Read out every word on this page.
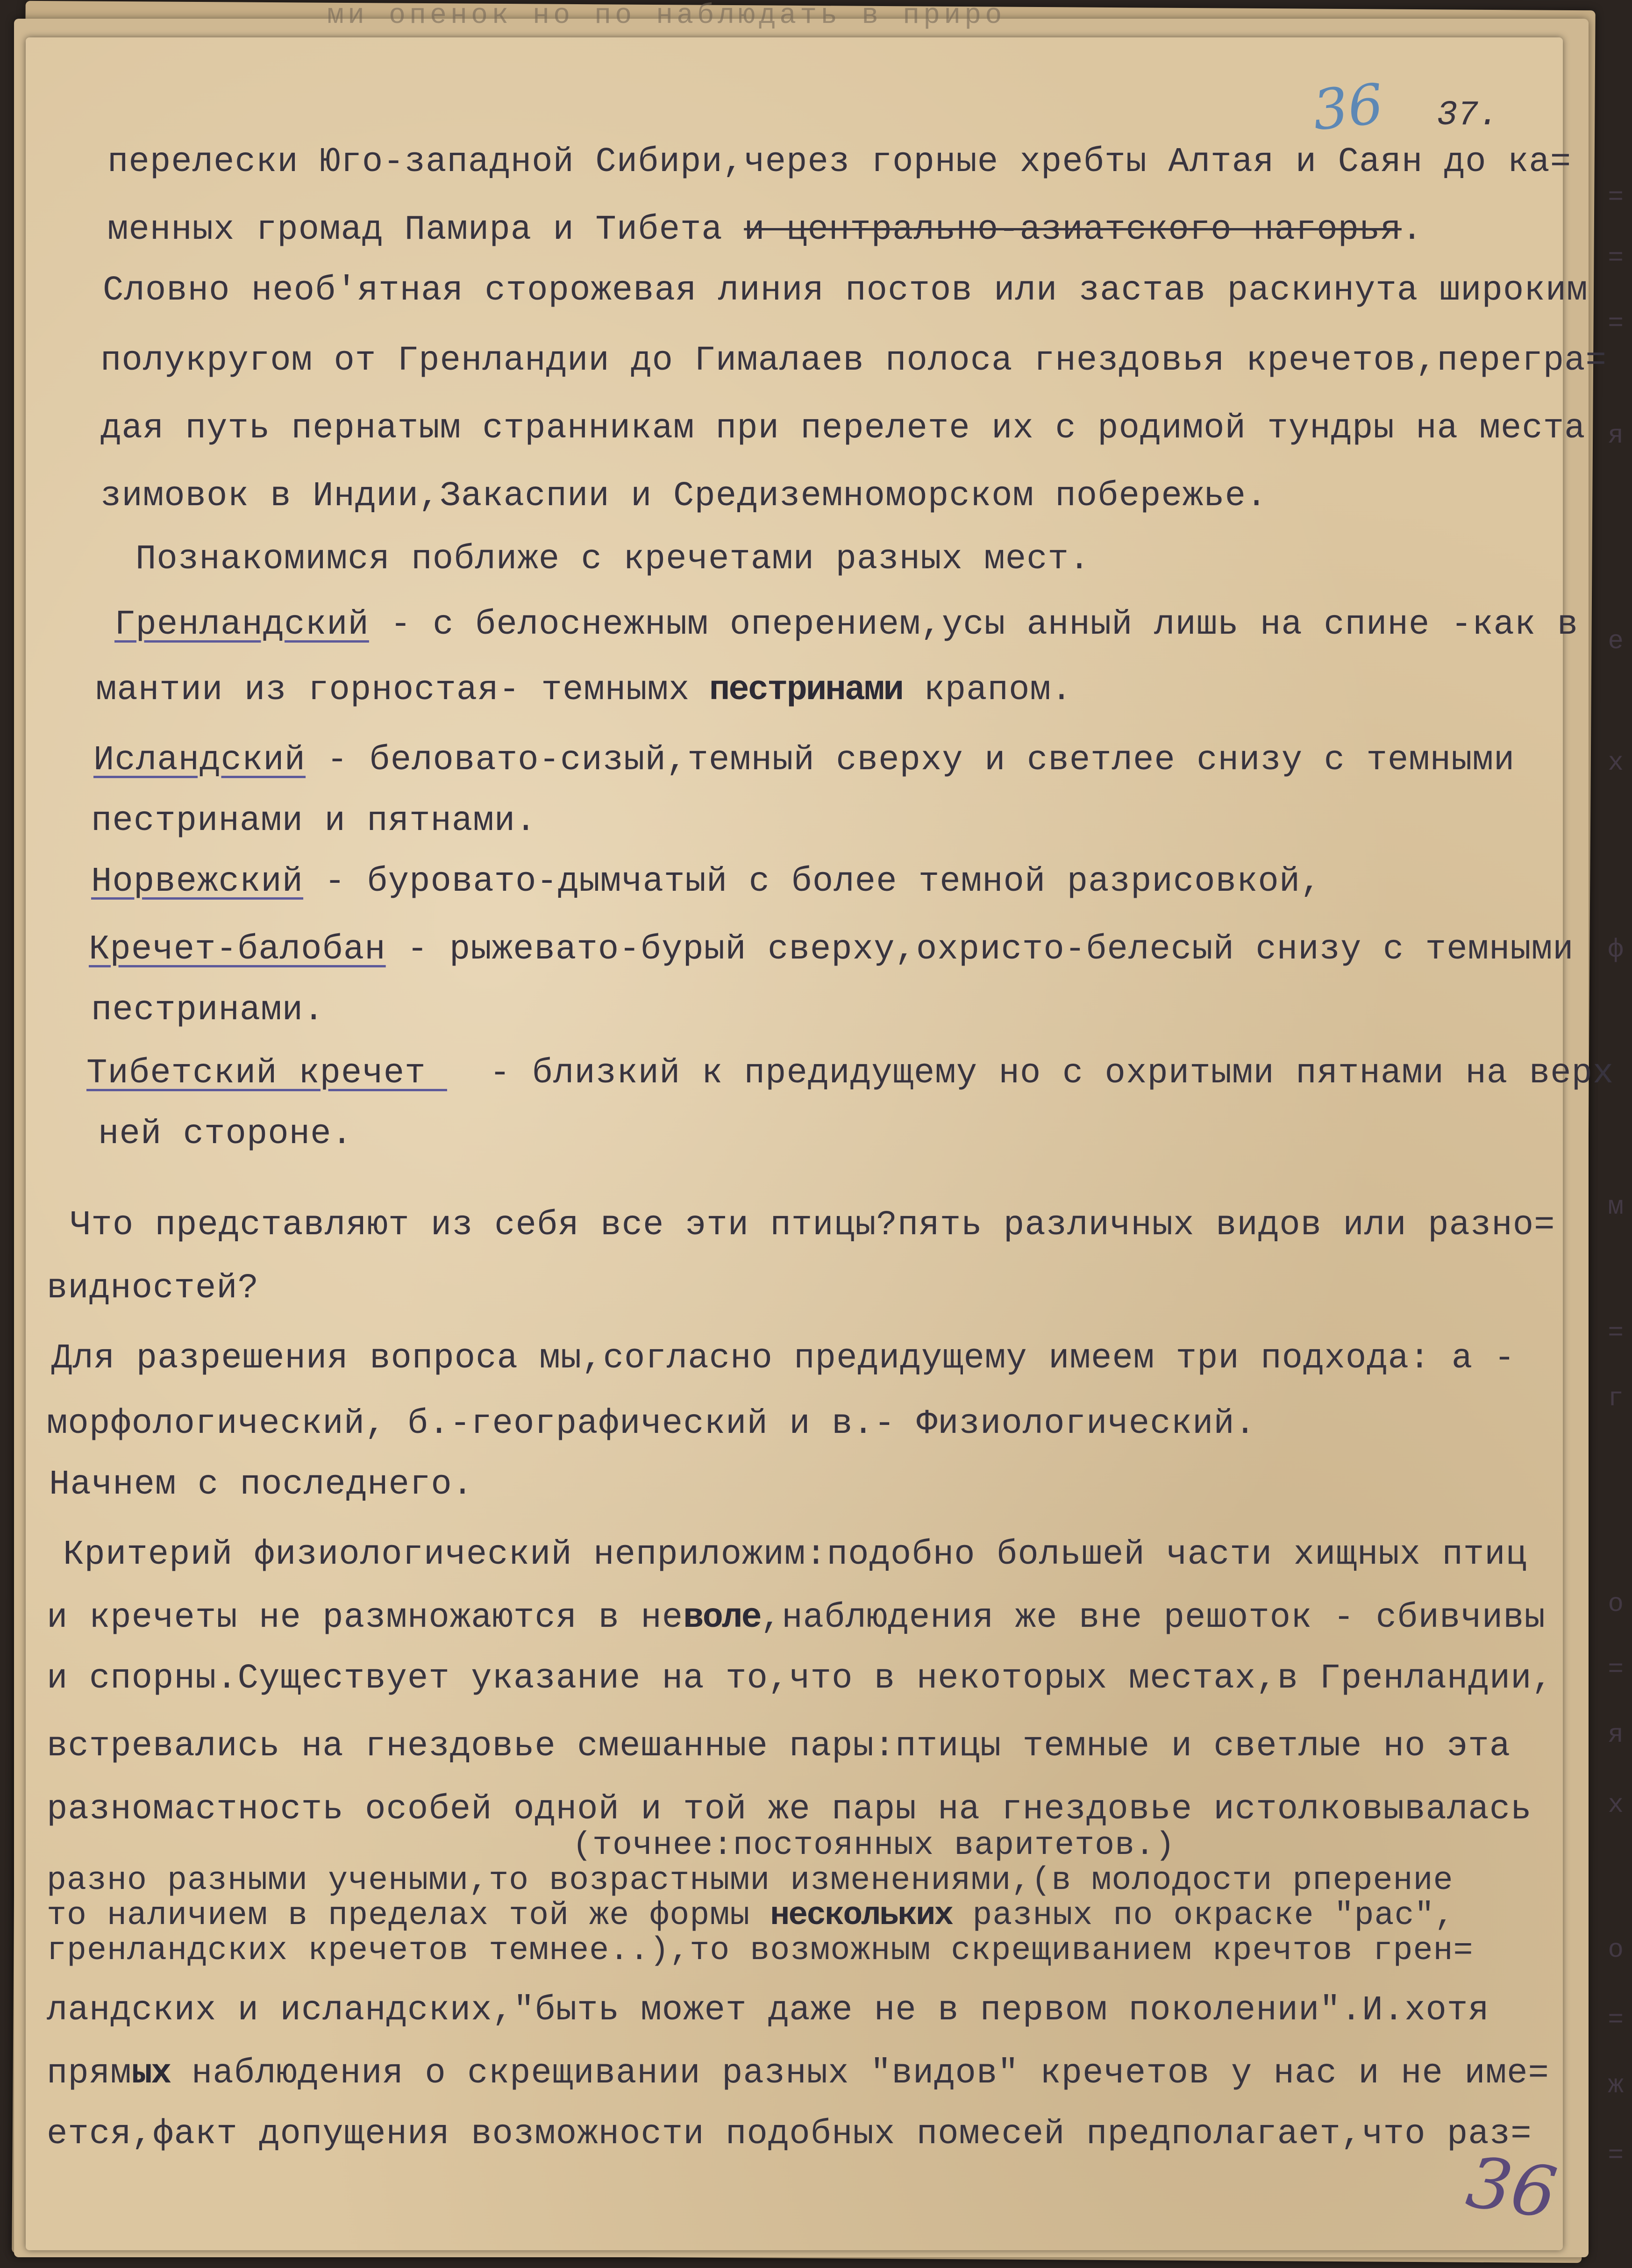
ми опенок но по наблюдать в приро
=
=
=
я
е
х
ф
м
=
г
о
=
я
х
о
=
ж
=
36 37.
перелески Юго-западной Сибири,через горные хребты Алтая и Саян до ка=
менных громад Памира и Тибета и центрально-азиатского нагорья.
Словно необ'ятная сторожевая линия постов или застав раскинута широким
полукругом от Гренландии до Гималаев полоса гнездовья кречетов,перегра=
дая путь пернатым странникам при перелете их с родимой тундры на места
зимовок в Индии,Закаспии и Средиземноморском побережье.
Познакомимся поближе с кречетами разных мест.
Гренландский - с белоснежным оперением,усы анный лишь на спине -как в
мантии из горностая- темнымх пестринами крапом.
Исландский - беловато-сизый,темный сверху и светлее снизу с темными
пестринами и пятнами.
Норвежский - буровато-дымчатый с более темной разрисовкой,
Кречет-балобан - рыжевато-бурый сверху,охристо-белесый снизу с темными
пестринами.
Тибетский кречет   - близкий к предидущему но с охритыми пятнами на верх
ней стороне.
Что представляют из себя все эти птицы?пять различных видов или разно=
видностей?
Для разрешения вопроса мы,согласно предидущему имеем три подхода: а -
морфологический, б.-географический и в.- Физиологический.
Начнем с последнего.
Критерий физиологический неприложим:подобно большей части хищных птиц
и кречеты не размножаются в неволе,наблюдения же вне решоток - сбивчивы
и спорны.Существует указание на то,что в некоторых местах,в Гренландии,
встревались на гнездовье смешанные пары:птицы темные и светлые но эта
разномастность особей одной и той же пары на гнездовье истолковывалась
(точнее:постоянных варитетов.)
разно разными учеными,то возрастными изменениями,(в молодости рперение
то наличием в пределах той же формы нескольких разных по окраске "рас",
гренландских кречетов темнее..),то возможным скрещиванием кречтов грен=
ландских и исландских,"быть может даже не в первом поколении".И.хотя
прямых наблюдения о скрещивании разных "видов" кречетов у нас и не име=
ется,факт допущения возможности подобных помесей предполагает,что раз=
36
